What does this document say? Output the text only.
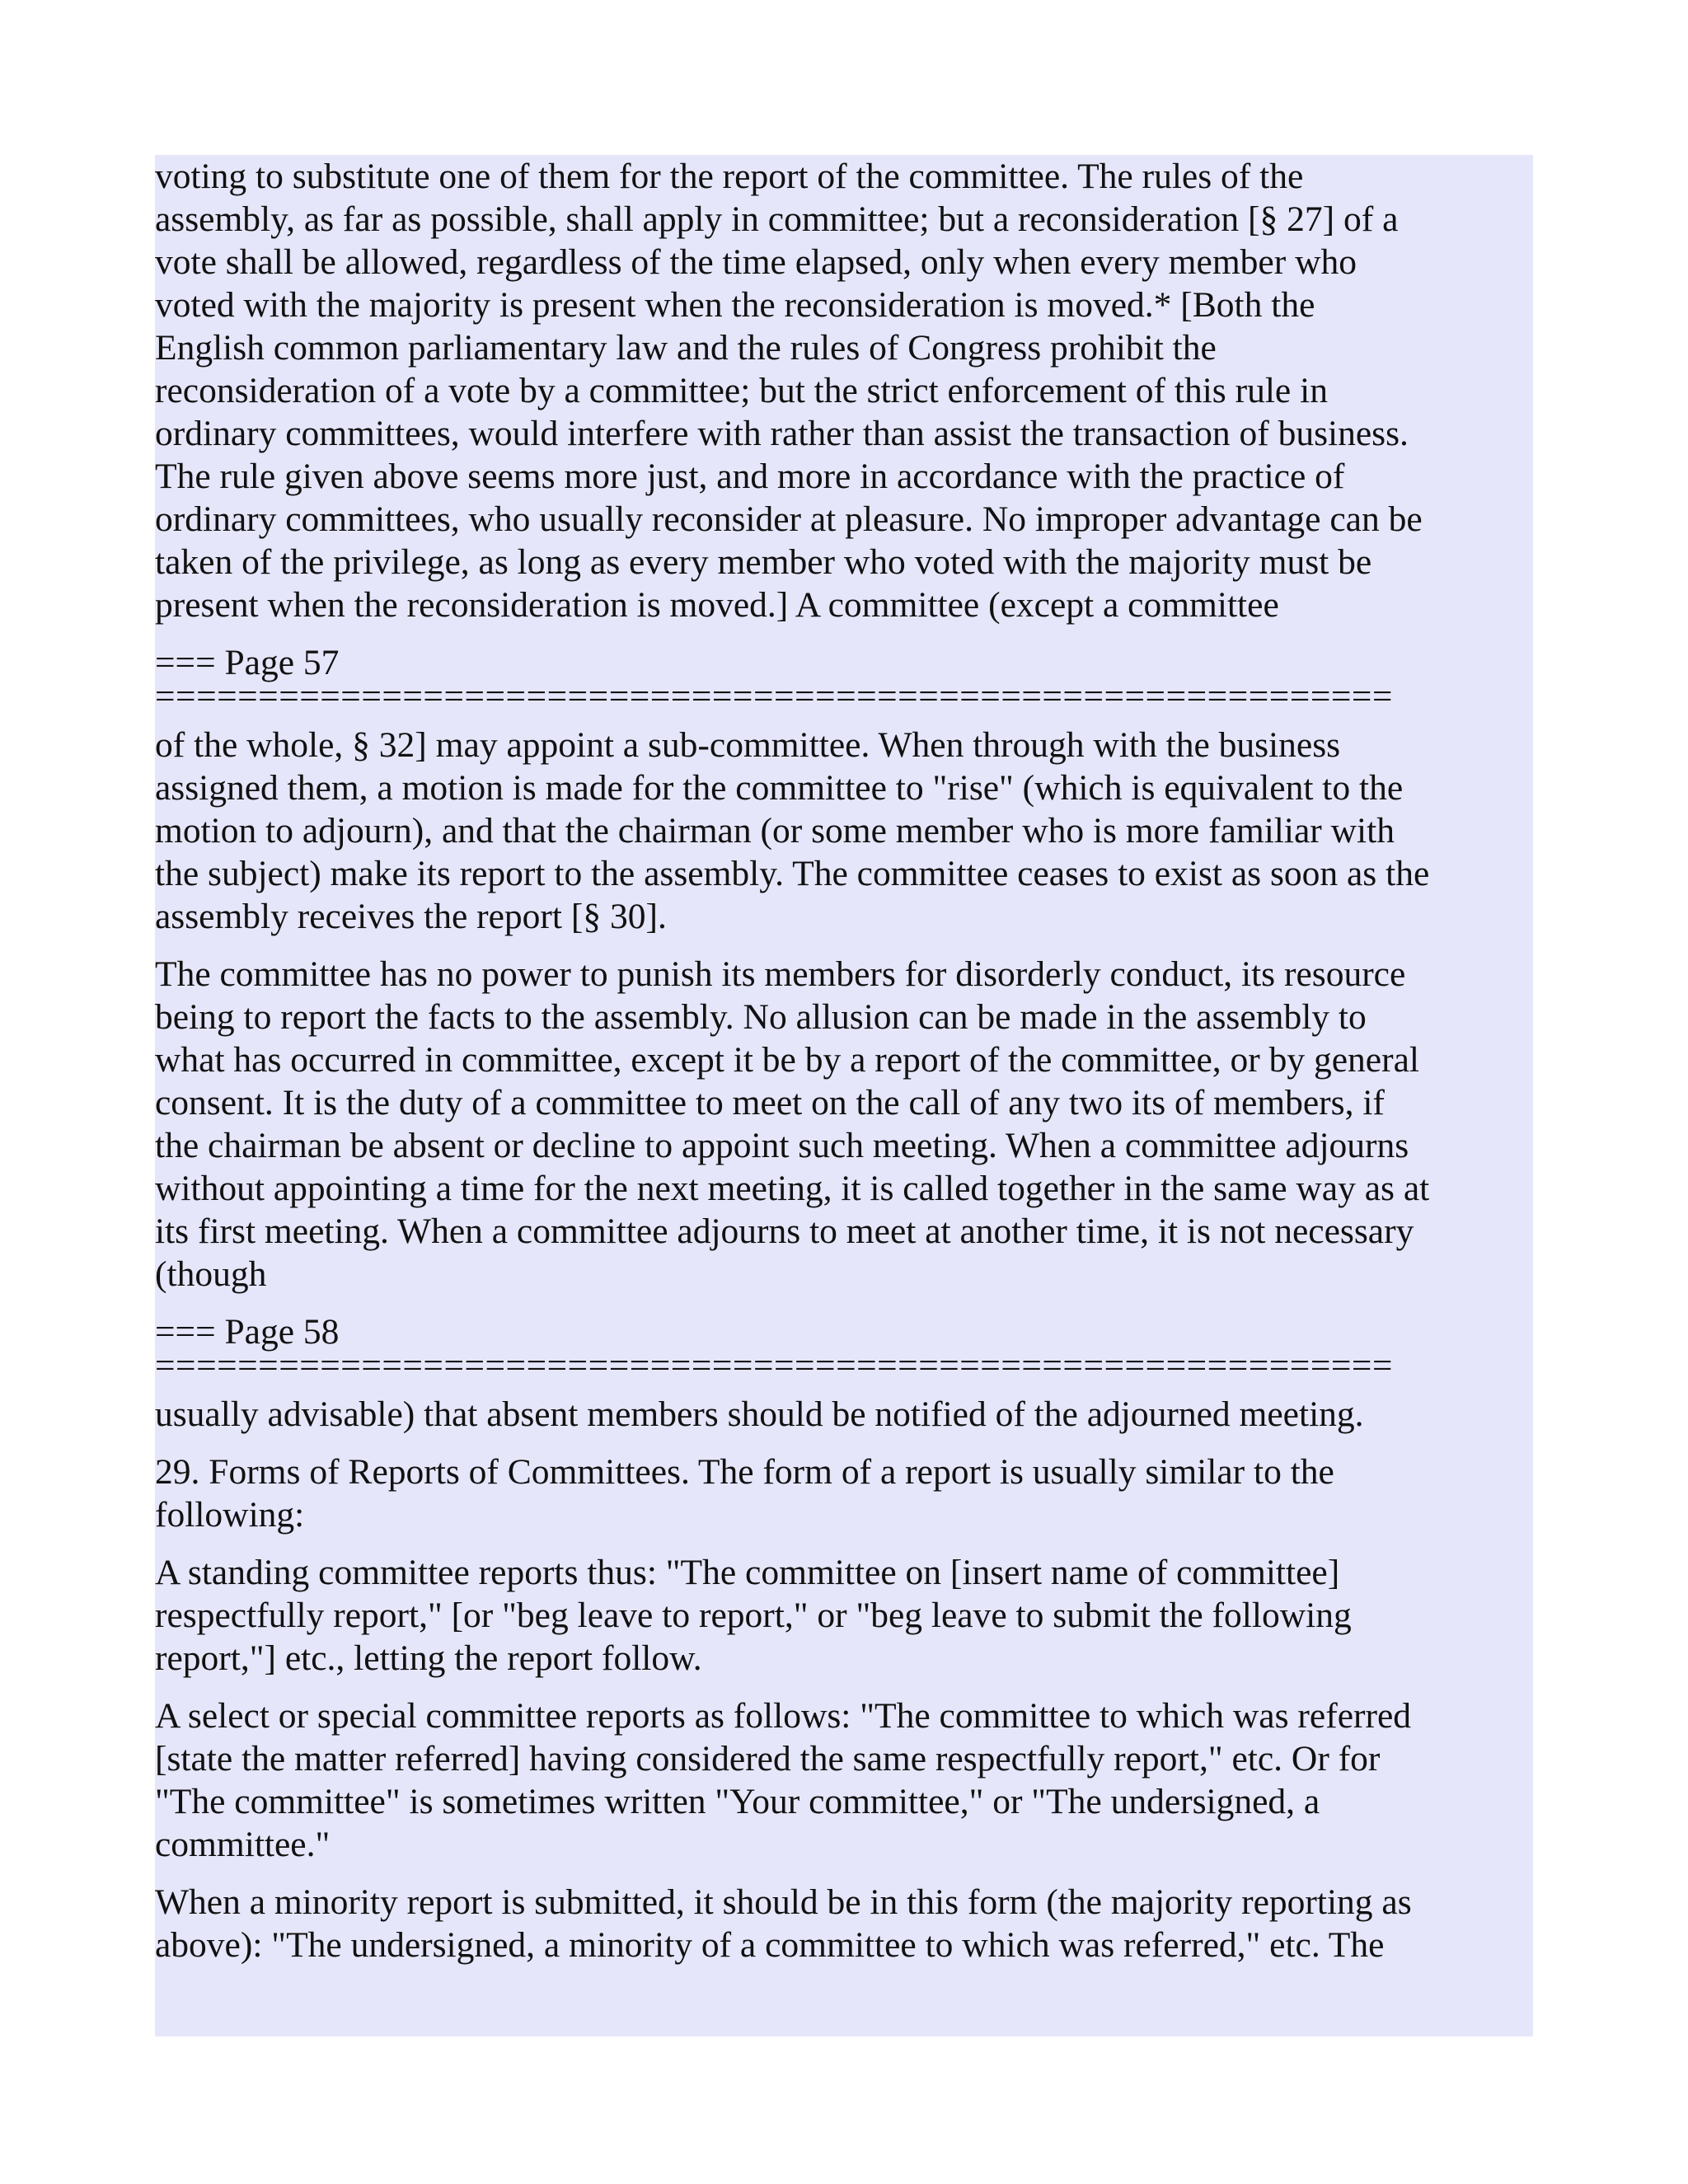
voting to substitute one of them for the report of the committee. The rules of the
assembly, as far as possible, shall apply in committee; but a reconsideration [§ 27] of a
vote shall be allowed, regardless of the time elapsed, only when every member who
voted with the majority is present when the reconsideration is moved.* [Both the
English common parliamentary law and the rules of Congress prohibit the
reconsideration of a vote by a committee; but the strict enforcement of this rule in
ordinary committees, would interfere with rather than assist the transaction of business.
The rule given above seems more just, and more in accordance with the practice of
ordinary committees, who usually reconsider at pleasure. No improper advantage can be
taken of the privilege, as long as every member who voted with the majority must be
present when the reconsideration is moved.] A committee (except a committee

=== Page 57
============================================================

of the whole, § 32] may appoint a sub-committee. When through with the business
assigned them, a motion is made for the committee to "rise" (which is equivalent to the
motion to adjourn), and that the chairman (or some member who is more familiar with
the subject) make its report to the assembly. The committee ceases to exist as soon as the
assembly receives the report [§ 30].

The committee has no power to punish its members for disorderly conduct, its resource
being to report the facts to the assembly. No allusion can be made in the assembly to
what has occurred in committee, except it be by a report of the committee, or by general
consent. It is the duty of a committee to meet on the call of any two its of members, if
the chairman be absent or decline to appoint such meeting. When a committee adjourns
without appointing a time for the next meeting, it is called together in the same way as at
its first meeting. When a committee adjourns to meet at another time, it is not necessary
(though

=== Page 58
============================================================

usually advisable) that absent members should be notified of the adjourned meeting.

29. Forms of Reports of Committees. The form of a report is usually similar to the
following:

A standing committee reports thus: "The committee on [insert name of committee]
respectfully report," [or "beg leave to report," or "beg leave to submit the following
report,"] etc., letting the report follow.

A select or special committee reports as follows: "The committee to which was referred
[state the matter referred] having considered the same respectfully report," etc. Or for
"The committee" is sometimes written "Your committee," or "The undersigned, a
committee."

When a minority report is submitted, it should be in this form (the majority reporting as
above): "The undersigned, a minority of a committee to which was referred," etc. The
